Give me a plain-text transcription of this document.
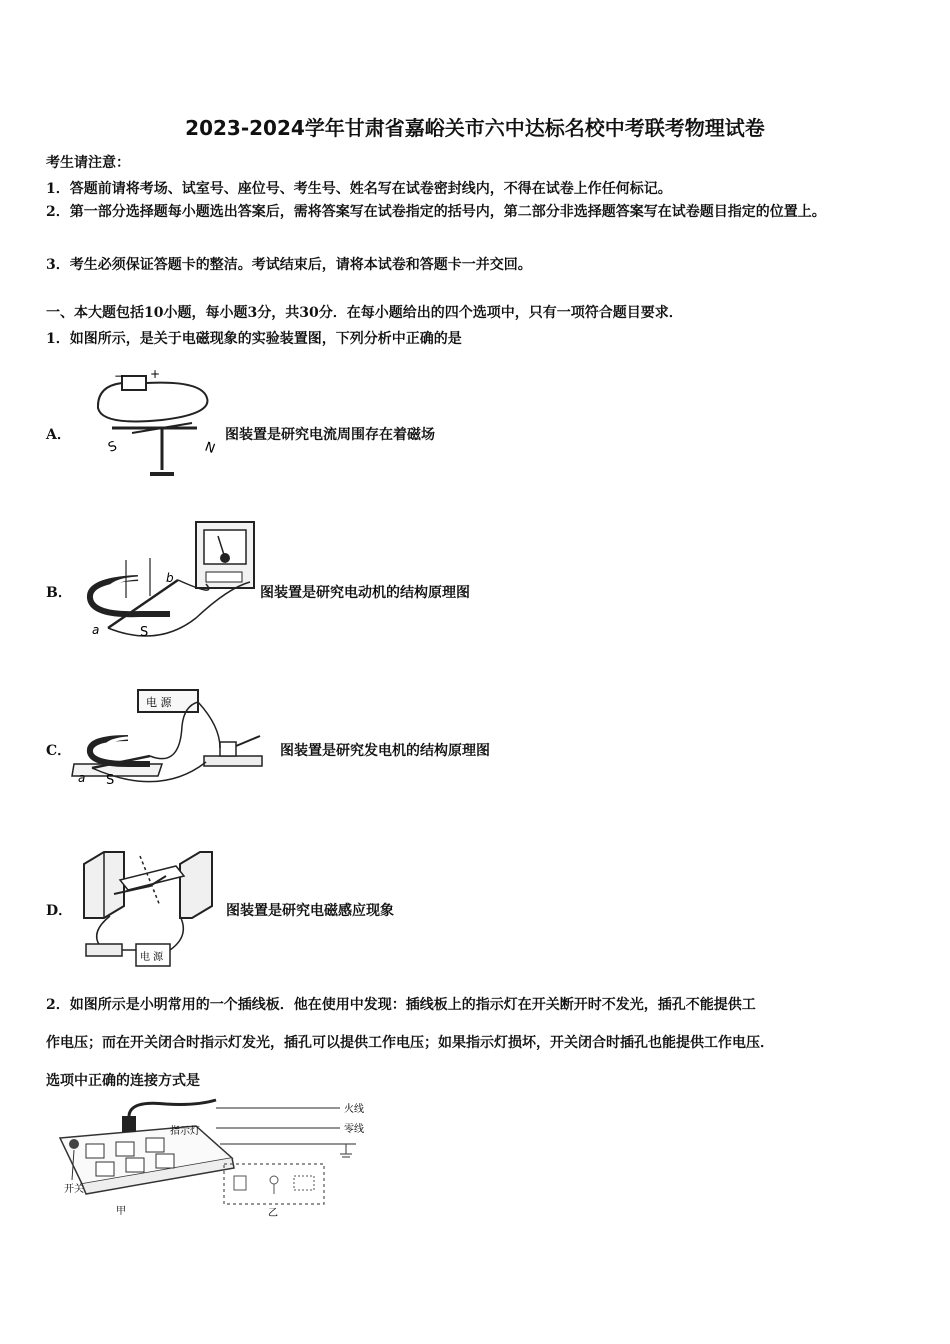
2023-2024学年甘肃省嘉峪关市六中达标名校中考联考物理试卷
考生请注意：
1．答题前请将考场、试室号、座位号、考生号、姓名写在试卷密封线内，不得在试卷上作任何标记。
2．第一部分选择题每小题选出答案后，需将答案写在试卷指定的括号内，第二部分非选择题答案写在试卷题目指定的位置上。
3．考生必须保证答题卡的整洁。考试结束后，请将本试卷和答题卡一并交回。
一、本大题包括10小题，每小题3分，共30分．在每小题给出的四个选项中，只有一项符合题目要求．
1．如图所示，是关于电磁现象的实验装置图，下列分析中正确的是
A．
− +
S	N
图装置是研究电流周围存在着磁场
B．
a
b
S
图装置是研究电动机的结构原理图
C．
电 源
a S
图装置是研究发电机的结构原理图
D．
电 源
图装置是研究电磁感应现象
2．如图所示是小明常用的一个插线板．他在使用中发现：插线板上的指示灯在开关断开时不发光，插孔不能提供工
作电压；而在开关闭合时指示灯发光，插孔可以提供工作电压；如果指示灯损坏，开关闭合时插孔也能提供工作电压．
选项中正确的连接方式是
开关
指示灯
甲
火线
零线
乙
